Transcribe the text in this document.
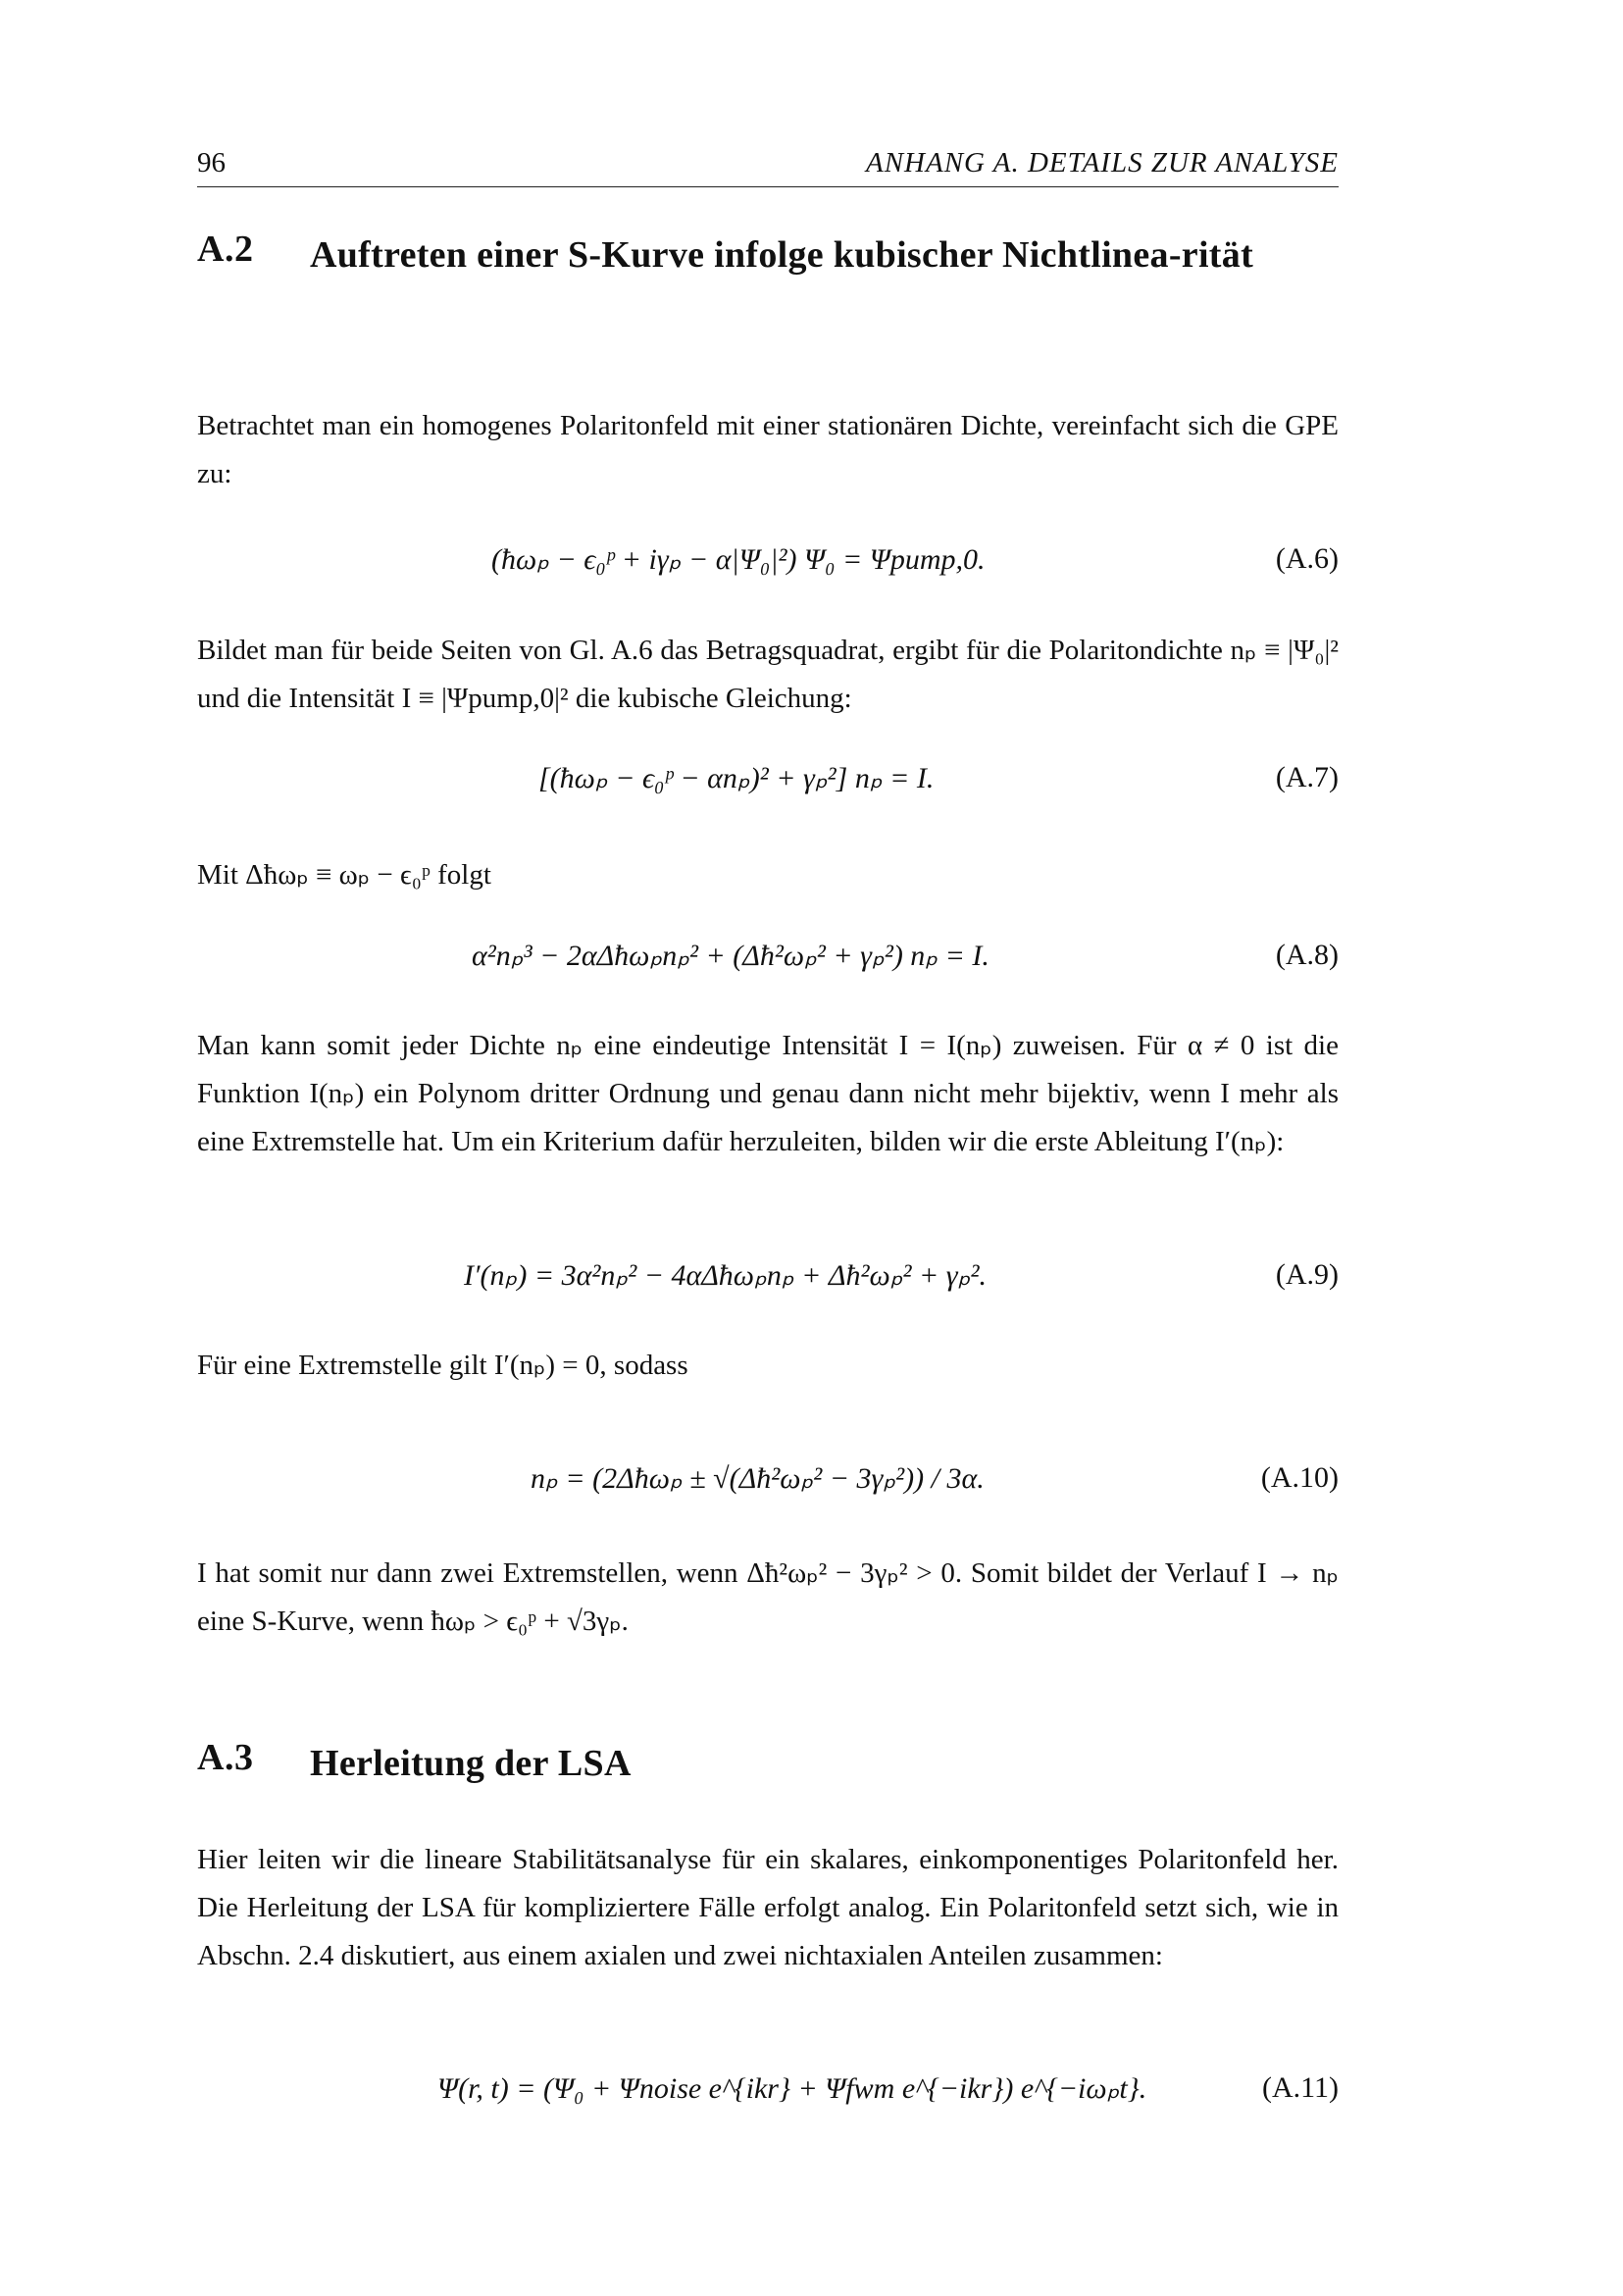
96	ANHANG A. DETAILS ZUR ANALYSE
A.2 Auftreten einer S-Kurve infolge kubischer Nichtlinea-rität
Betrachtet man ein homogenes Polaritonfeld mit einer stationären Dichte, vereinfacht sich die GPE zu:
(ħωₚ − ϵ₀ᵖ + iγₚ − α|Ψ₀|²) Ψ₀ = Ψpump,0.	(A.6)
Bildet man für beide Seiten von Gl. A.6 das Betragsquadrat, ergibt für die Polaritondichte nₚ ≡ |Ψ₀|² und die Intensität I ≡ |Ψpump,0|² die kubische Gleichung:
[(ħωₚ − ϵ₀ᵖ − αnₚ)² + γₚ²] nₚ = I.	(A.7)
Mit Δħωₚ ≡ ωₚ − ϵ₀ᵖ folgt
α²nₚ³ − 2αΔħωₚnₚ² + (Δħ²ωₚ² + γₚ²) nₚ = I.	(A.8)
Man kann somit jeder Dichte nₚ eine eindeutige Intensität I = I(nₚ) zuweisen. Für α ≠ 0 ist die Funktion I(nₚ) ein Polynom dritter Ordnung und genau dann nicht mehr bijektiv, wenn I mehr als eine Extremstelle hat. Um ein Kriterium dafür herzuleiten, bilden wir die erste Ableitung I′(nₚ):
I′(nₚ) = 3α²nₚ² − 4αΔħωₚnₚ + Δħ²ωₚ² + γₚ².	(A.9)
Für eine Extremstelle gilt I′(nₚ) = 0, sodass
nₚ = (2Δħωₚ ± √(Δħ²ωₚ² − 3γₚ²)) / 3α.	(A.10)
I hat somit nur dann zwei Extremstellen, wenn Δħ²ωₚ² − 3γₚ² > 0. Somit bildet der Verlauf I → nₚ eine S-Kurve, wenn ħωₚ > ϵ₀ᵖ + √3γₚ.
A.3 Herleitung der LSA
Hier leiten wir die lineare Stabilitätsanalyse für ein skalares, einkomponentiges Polaritonfeld her. Die Herleitung der LSA für kompliziertere Fälle erfolgt analog. Ein Polaritonfeld setzt sich, wie in Abschn. 2.4 diskutiert, aus einem axialen und zwei nichtaxialen Anteilen zusammen:
Ψ(r, t) = (Ψ₀ + Ψnoise e^{ikr} + Ψfwm e^{−ikr}) e^{−iωₚt}.	(A.11)
